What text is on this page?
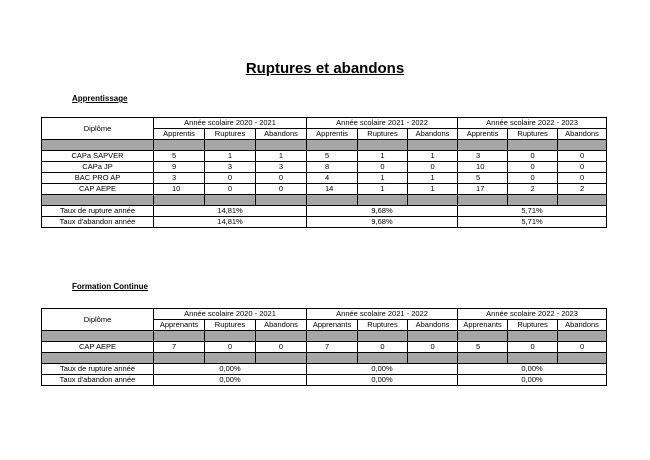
Ruptures et abandons
Apprentissage
Diplôme	Année scolaire 2020 - 2021			Année scolaire 2021 - 2022			Année scolaire 2022 - 2023		
	Apprentis	Ruptures	Abandons	Apprentis	Ruptures	Abandons	Apprentis	Ruptures	Abandons

CAPa SAPVER	5	1	1	5	1	1	3	0	0
CAPa JP	9	3	3	8	0	0	10	0	0
BAC PRO AP	3	0	0	4	1	1	5	0	0
CAP AEPE	10	0	0	14	1	1	17	2	2

Taux de rupture année	14,81%			9,68%			5,71%		
Taux d'abandon année	14,81%			9,68%			5,71%		
Formation Continue
Diplôme	Année scolaire 2020 - 2021			Année scolaire 2021 - 2022			Année scolaire 2022 - 2023		
	Apprenants	Ruptures	Abandons	Apprenants	Ruptures	Abandons	Apprenants	Ruptures	Abandons

CAP AEPE	7	0	0	7	0	0	5	0	0

Taux de rupture année	0,00%			0,00%			0,00%		
Taux d'abandon année	0,00%			0,00%			0,00%		
